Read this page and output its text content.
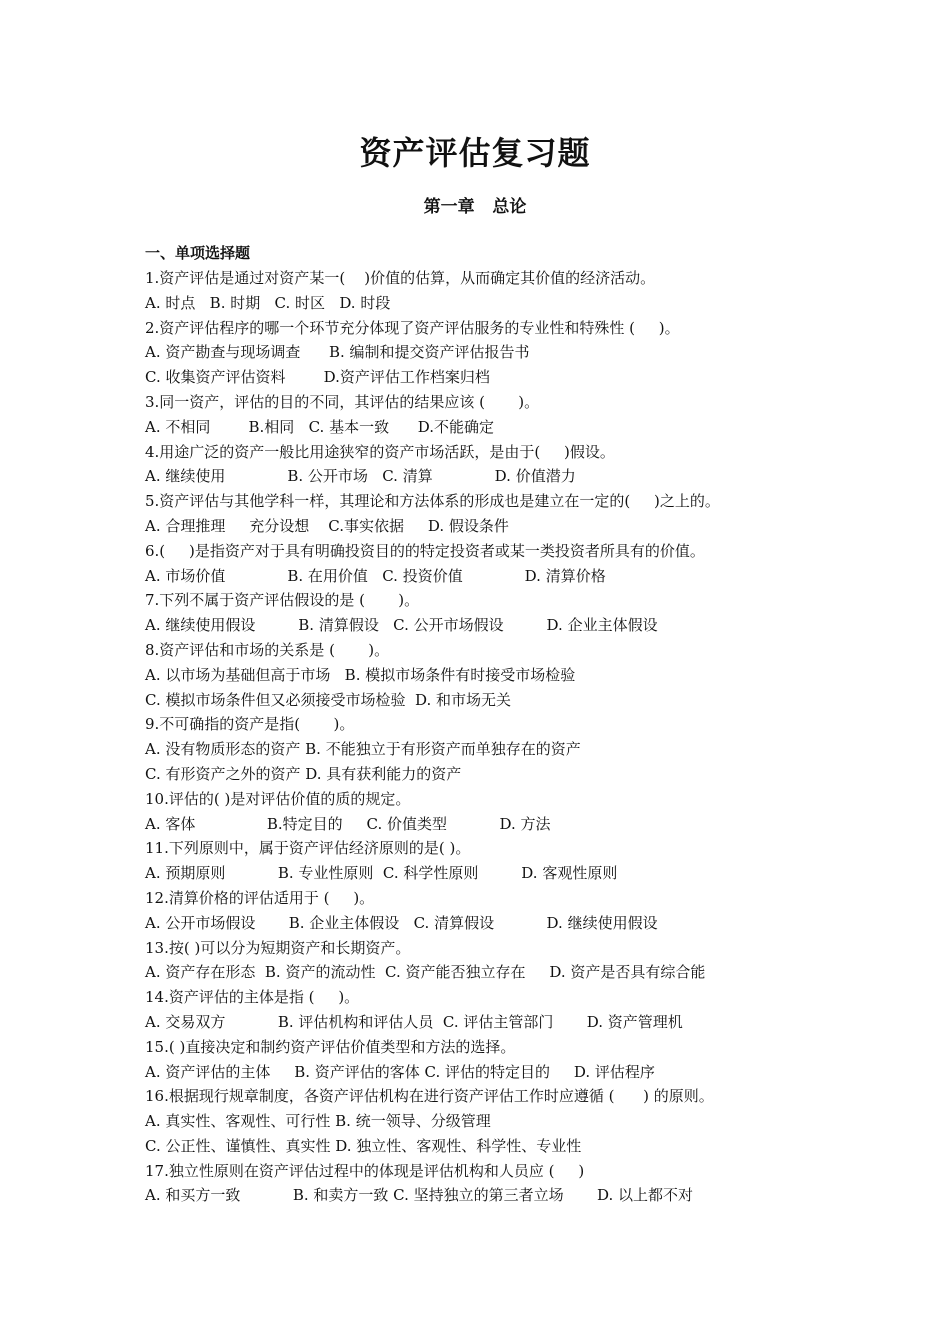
资产评估复习题
第一章   总论
一、单项选择题
1.资产评估是通过对资产某一(    )价值的估算，从而确定其价值的经济活动。
A. 时点   B. 时期   C. 时区   D. 时段
2.资产评估程序的哪一个环节充分体现了资产评估服务的专业性和特殊性 (     )。
A. 资产勘查与现场调查      B. 编制和提交资产评估报告书
C. 收集资产评估资料        D.资产评估工作档案归档
3.同一资产，评估的目的不同，其评估的结果应该 (       )。
A. 不相同        B.相同   C. 基本一致      D.不能确定
4.用途广泛的资产一般比用途狭窄的资产市场活跃，是由于(     )假设。
A. 继续使用             B. 公开市场   C. 清算             D. 价值潜力
5.资产评估与其他学科一样，其理论和方法体系的形成也是建立在一定的(     )之上的。
A. 合理推理     充分设想    C.事实依据     D. 假设条件
6.(     )是指资产对于具有明确投资目的的特定投资者或某一类投资者所具有的价值。
A. 市场价值             B. 在用价值   C. 投资价值             D. 清算价格
7.下列不属于资产评估假设的是 (       )。
A. 继续使用假设         B. 清算假设   C. 公开市场假设         D. 企业主体假设
8.资产评估和市场的关系是 (       )。
A. 以市场为基础但高于市场   B. 模拟市场条件有时接受市场检验
C. 模拟市场条件但又必须接受市场检验  D. 和市场无关
9.不可确指的资产是指(       )。
A. 没有物质形态的资产 B. 不能独立于有形资产而单独存在的资产
C. 有形资产之外的资产 D. 具有获利能力的资产
10.评估的( )是对评估价值的质的规定。
A. 客体               B.特定目的     C. 价值类型           D. 方法
11.下列原则中，属于资产评估经济原则的是( )。
A. 预期原则           B. 专业性原则  C. 科学性原则         D. 客观性原则
12.清算价格的评估适用于 (     )。
A. 公开市场假设       B. 企业主体假设   C. 清算假设           D. 继续使用假设
13.按( )可以分为短期资产和长期资产。
A. 资产存在形态  B. 资产的流动性  C. 资产能否独立存在     D. 资产是否具有综合能
14.资产评估的主体是指 (     )。
A. 交易双方           B. 评估机构和评估人员  C. 评估主管部门       D. 资产管理机
15.( )直接决定和制约资产评估价值类型和方法的选择。
A. 资产评估的主体     B. 资产评估的客体 C. 评估的特定目的     D. 评估程序
16.根据现行规章制度，各资产评估机构在进行资产评估工作时应遵循 (      ) 的原则。
A. 真实性、客观性、可行性 B. 统一领导、分级管理
C. 公正性、谨慎性、真实性 D. 独立性、客观性、科学性、专业性
17.独立性原则在资产评估过程中的体现是评估机构和人员应 (     )
A. 和买方一致           B. 和卖方一致 C. 坚持独立的第三者立场       D. 以上都不对
